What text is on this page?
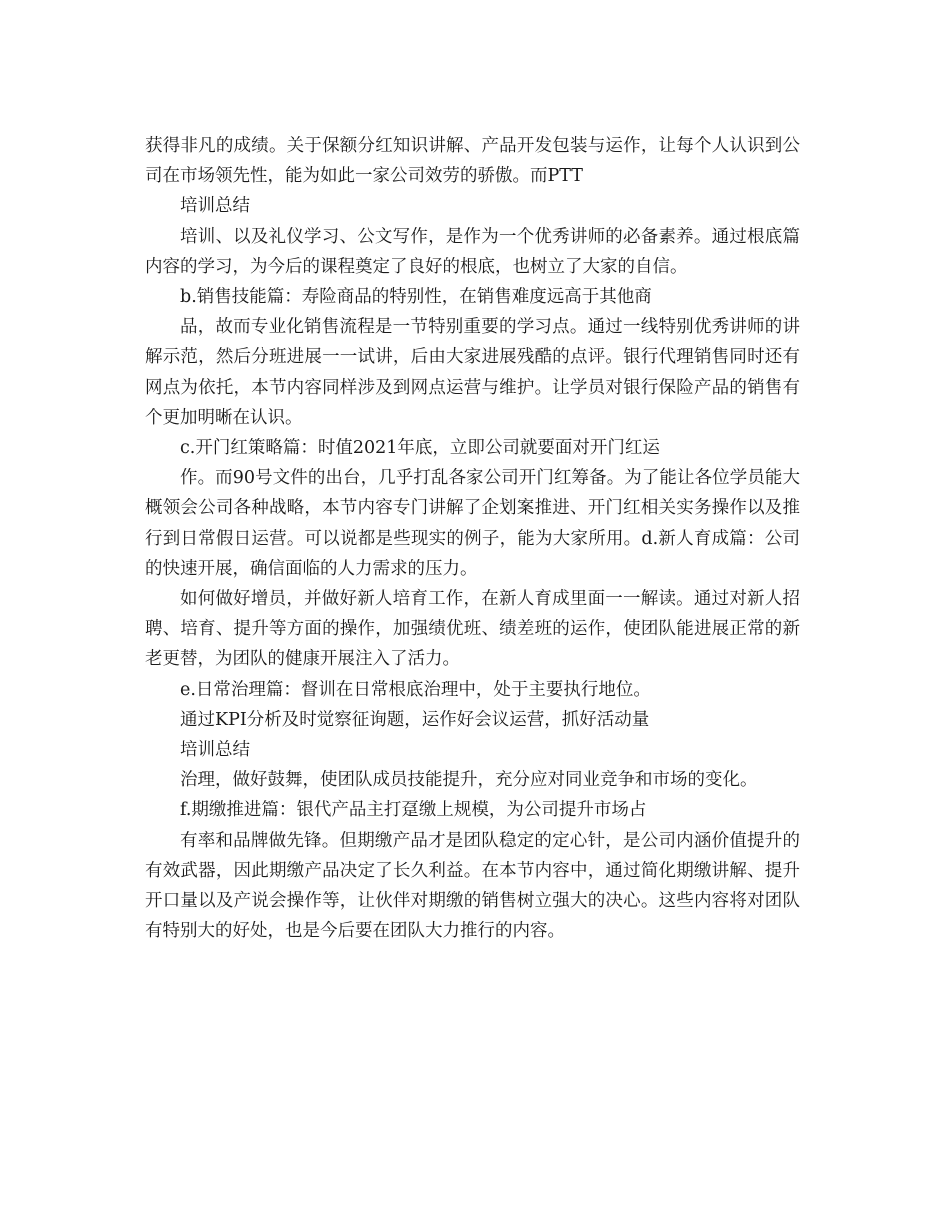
获得非凡的成绩。关于保额分红知识讲解、产品开发包装与运作，让每个人认识到公司在市场领先性，能为如此一家公司效劳的骄傲。而PTT

培训总结

培训、以及礼仪学习、公文写作，是作为一个优秀讲师的必备素养。通过根底篇内容的学习，为今后的课程奠定了良好的根底，也树立了大家的自信。

b.销售技能篇：寿险商品的特别性，在销售难度远高于其他商

品，故而专业化销售流程是一节特别重要的学习点。通过一线特别优秀讲师的讲解示范，然后分班进展一一试讲，后由大家进展残酷的点评。银行代理销售同时还有网点为依托，本节内容同样涉及到网点运营与维护。让学员对银行保险产品的销售有个更加明晰在认识。

c.开门红策略篇：时值2021年底，立即公司就要面对开门红运

作。而90号文件的出台，几乎打乱各家公司开门红筹备。为了能让各位学员能大概领会公司各种战略，本节内容专门讲解了企划案推进、开门红相关实务操作以及推行到日常假日运营。可以说都是些现实的例子，能为大家所用。d.新人育成篇：公司的快速开展，确信面临的人力需求的压力。

如何做好增员，并做好新人培育工作，在新人育成里面一一解读。通过对新人招聘、培育、提升等方面的操作，加强绩优班、绩差班的运作，使团队能进展正常的新老更替，为团队的健康开展注入了活力。

e.日常治理篇：督训在日常根底治理中，处于主要执行地位。

通过KPI分析及时觉察征询题，运作好会议运营，抓好活动量

培训总结

治理，做好鼓舞，使团队成员技能提升，充分应对同业竞争和市场的变化。

f.期缴推进篇：银代产品主打趸缴上规模，为公司提升市场占

有率和品牌做先锋。但期缴产品才是团队稳定的定心针，是公司内涵价值提升的有效武器，因此期缴产品决定了长久利益。在本节内容中，通过简化期缴讲解、提升开口量以及产说会操作等，让伙伴对期缴的销售树立强大的决心。这些内容将对团队有特别大的好处，也是今后要在团队大力推行的内容。
